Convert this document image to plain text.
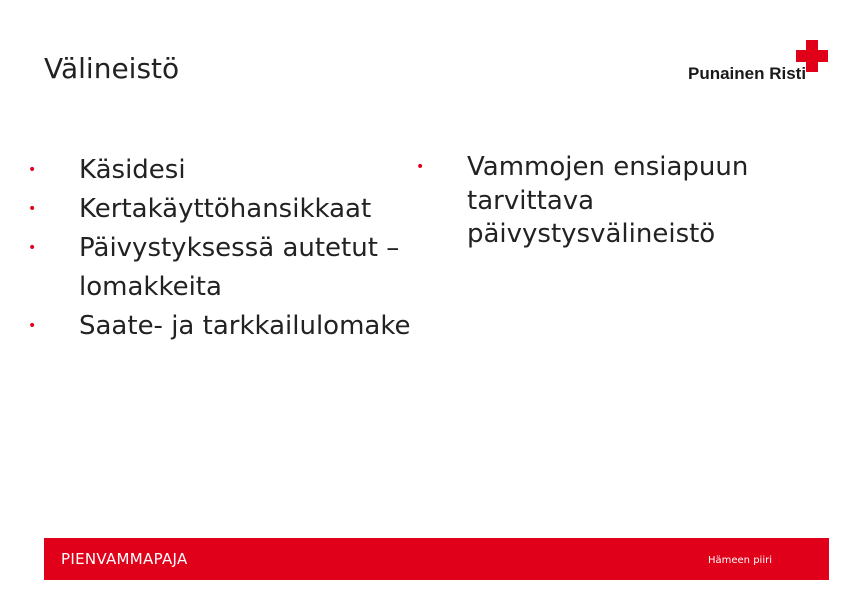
Välineistö	Punainen Risti
• Käsidesi
• Kertakäyttöhansikkaat
• Päivystyksessä autetut – lomakkeita
• Saate- ja tarkkailulomake
• Vammojen ensiapuun tarvittava päivystysvälineistö
PIENVAMMAPAJA	Hämeen piiri
